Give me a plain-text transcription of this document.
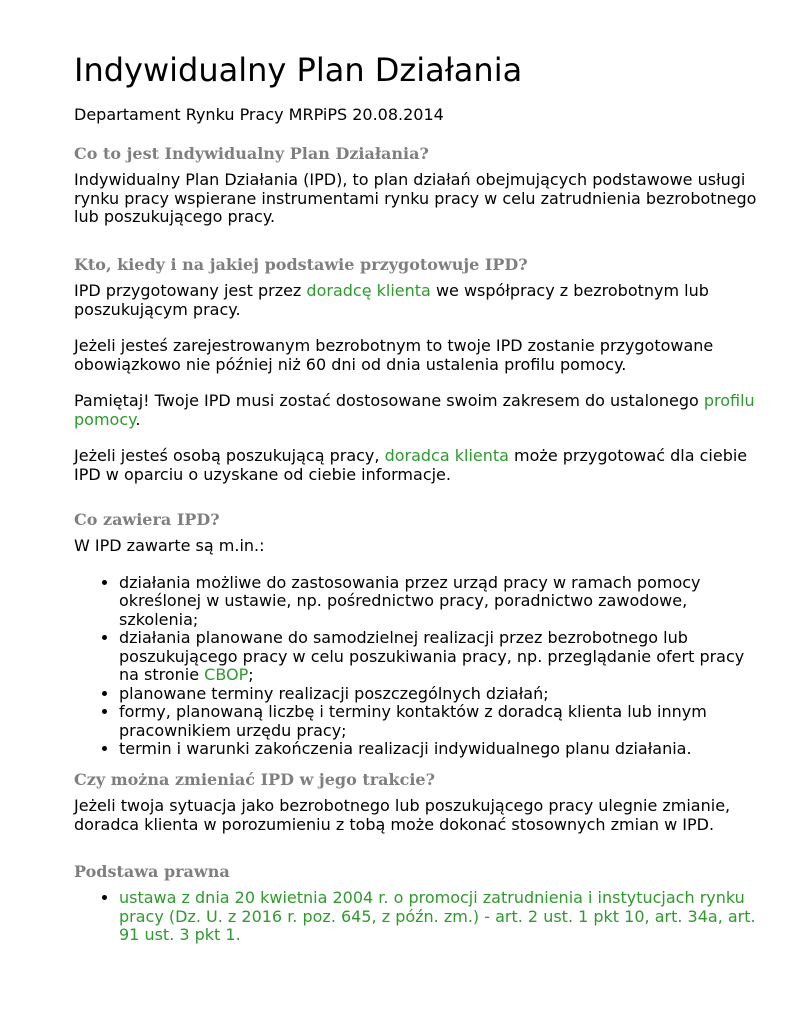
Indywidualny Plan Działania

Departament Rynku Pracy MRPiPS 20.08.2014

Co to jest Indywidualny Plan Działania?

Indywidualny Plan Działania (IPD), to plan działań obejmujących podstawowe usługi rynku pracy wspierane instrumentami rynku pracy w celu zatrudnienia bezrobotnego lub poszukującego pracy.

Kto, kiedy i na jakiej podstawie przygotowuje IPD?

IPD przygotowany jest przez doradcę klienta we współpracy z bezrobotnym lub poszukującym pracy.

Jeżeli jesteś zarejestrowanym bezrobotnym to twoje IPD zostanie przygotowane obowiązkowo nie później niż 60 dni od dnia ustalenia profilu pomocy.

Pamiętaj! Twoje IPD musi zostać dostosowane swoim zakresem do ustalonego profilu pomocy.

Jeżeli jesteś osobą poszukującą pracy, doradca klienta może przygotować dla ciebie IPD w oparciu o uzyskane od ciebie informacje.

Co zawiera IPD?

W IPD zawarte są m.in.:

• działania możliwe do zastosowania przez urząd pracy w ramach pomocy określonej w ustawie, np. pośrednictwo pracy, poradnictwo zawodowe, szkolenia;
• działania planowane do samodzielnej realizacji przez bezrobotnego lub poszukującego pracy w celu poszukiwania pracy, np. przeglądanie ofert pracy na stronie CBOP;
• planowane terminy realizacji poszczególnych działań;
• formy, planowaną liczbę i terminy kontaktów z doradcą klienta lub innym pracownikiem urzędu pracy;
• termin i warunki zakończenia realizacji indywidualnego planu działania.
Czy można zmieniać IPD w jego trakcie?

Jeżeli twoja sytuacja jako bezrobotnego lub poszukującego pracy ulegnie zmianie, doradca klienta w porozumieniu z tobą może dokonać stosownych zmian w IPD.

Podstawa prawna
• ustawa z dnia 20 kwietnia 2004 r. o promocji zatrudnienia i instytucjach rynku pracy (Dz. U. z 2016 r. poz. 645, z późn. zm.) - art. 2 ust. 1 pkt 10, art. 34a, art. 91 ust. 3 pkt 1.
